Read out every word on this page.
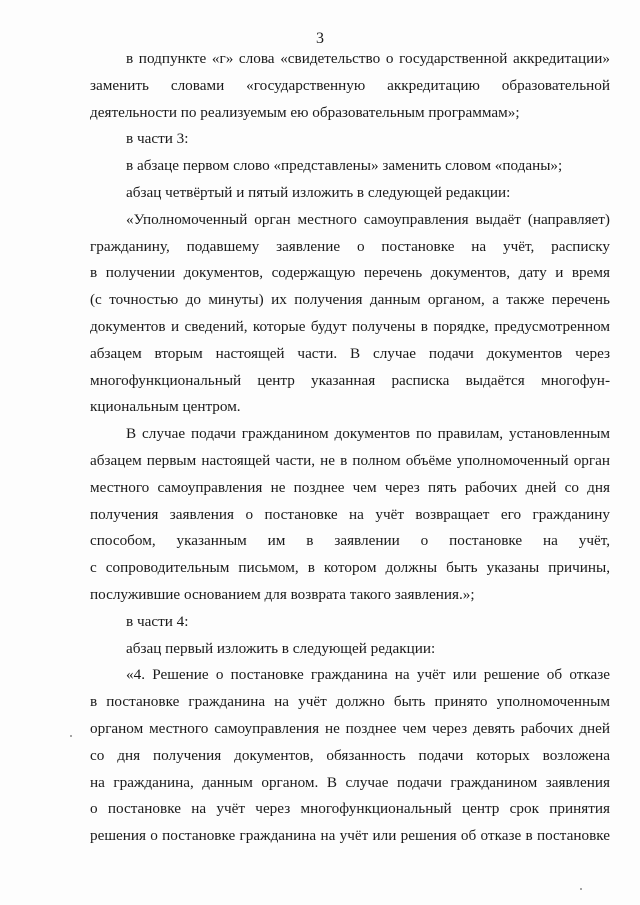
3
в подпункте «г» слова «свидетельство о государственной аккредитации»
заменить словами «государственную аккредитацию образовательной
деятельности по реализуемым ею образовательным программам»;
в части 3:
в абзаце первом слово «представлены» заменить словом «поданы»;
абзац четвёртый и пятый изложить в следующей редакции:
«Уполномоченный орган местного самоуправления выдаёт (направляет)
гражданину, подавшему заявление о постановке на учёт, расписку
в получении документов, содержащую перечень документов, дату и время
(с точностью до минуты) их получения данным органом, а также перечень
документов и сведений, которые будут получены в порядке, предусмотренном
абзацем вторым настоящей части. В случае подачи документов через
многофункциональный центр указанная расписка выдаётся многофун-
кциональным центром.
В случае подачи гражданином документов по правилам, установленным
абзацем первым настоящей части, не в полном объёме уполномоченный орган
местного самоуправления не позднее чем через пять рабочих дней со дня
получения заявления о постановке на учёт возвращает его гражданину
способом, указанным им в заявлении о постановке на учёт,
с сопроводительным письмом, в котором должны быть указаны причины,
послужившие основанием для возврата такого заявления.»;
в части 4:
абзац первый изложить в следующей редакции:
«4. Решение о постановке гражданина на учёт или решение об отказе
в постановке гражданина на учёт должно быть принято уполномоченным
органом местного самоуправления не позднее чем через девять рабочих дней
со дня получения документов, обязанность подачи которых возложена
на гражданина, данным органом. В случае подачи гражданином заявления
о постановке на учёт через многофункциональный центр срок принятия
решения о постановке гражданина на учёт или решения об отказе в постановке
